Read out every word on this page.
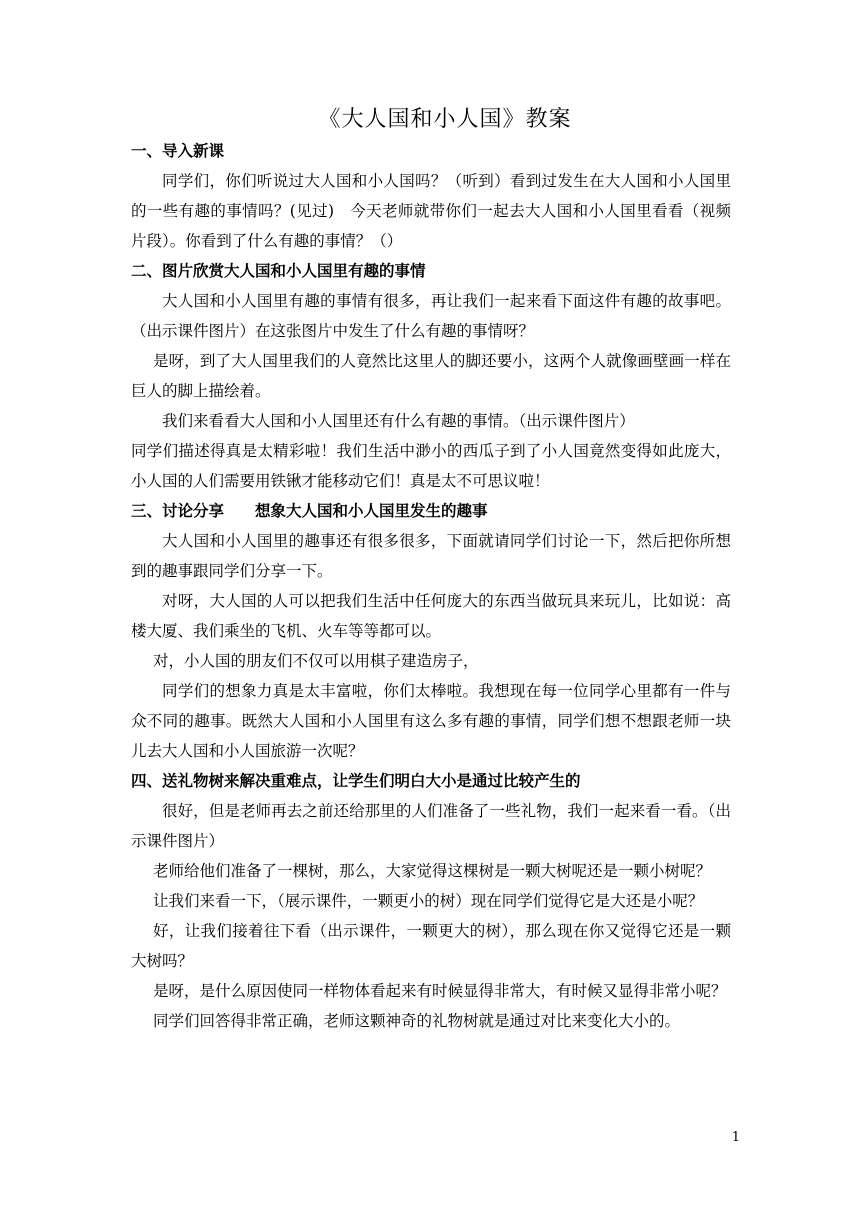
《大人国和小人国》教案
一、导入新课
同学们，你们听说过大人国和小人国吗？（听到）看到过发生在大人国和小人国里的一些有趣的事情吗？(见过)　今天老师就带你们一起去大人国和小人国里看看（视频片段）。你看到了什么有趣的事情？（）
二、图片欣赏大人国和小人国里有趣的事情
大人国和小人国里有趣的事情有很多，再让我们一起来看下面这件有趣的故事吧。（出示课件图片）在这张图片中发生了什么有趣的事情呀？
是呀，到了大人国里我们的人竟然比这里人的脚还要小，这两个人就像画壁画一样在巨人的脚上描绘着。
我们来看看大人国和小人国里还有什么有趣的事情。（出示课件图片）
同学们描述得真是太精彩啦！我们生活中渺小的西瓜子到了小人国竟然变得如此庞大，小人国的人们需要用铁锹才能移动它们！真是太不可思议啦！
三、讨论分享　　想象大人国和小人国里发生的趣事
大人国和小人国里的趣事还有很多很多，下面就请同学们讨论一下，然后把你所想到的趣事跟同学们分享一下。
对呀，大人国的人可以把我们生活中任何庞大的东西当做玩具来玩儿，比如说：高楼大厦、我们乘坐的飞机、火车等等都可以。
对，小人国的朋友们不仅可以用棋子建造房子，
同学们的想象力真是太丰富啦，你们太棒啦。我想现在每一位同学心里都有一件与众不同的趣事。既然大人国和小人国里有这么多有趣的事情，同学们想不想跟老师一块儿去大人国和小人国旅游一次呢？
四、送礼物树来解决重难点，让学生们明白大小是通过比较产生的
很好，但是老师再去之前还给那里的人们准备了一些礼物，我们一起来看一看。（出示课件图片）
老师给他们准备了一棵树，那么，大家觉得这棵树是一颗大树呢还是一颗小树呢？
让我们来看一下，（展示课件，一颗更小的树）现在同学们觉得它是大还是小呢？
好，让我们接着往下看（出示课件，一颗更大的树），那么现在你又觉得它还是一颗大树吗？
是呀，是什么原因使同一样物体看起来有时候显得非常大，有时候又显得非常小呢？
同学们回答得非常正确，老师这颗神奇的礼物树就是通过对比来变化大小的。
1
